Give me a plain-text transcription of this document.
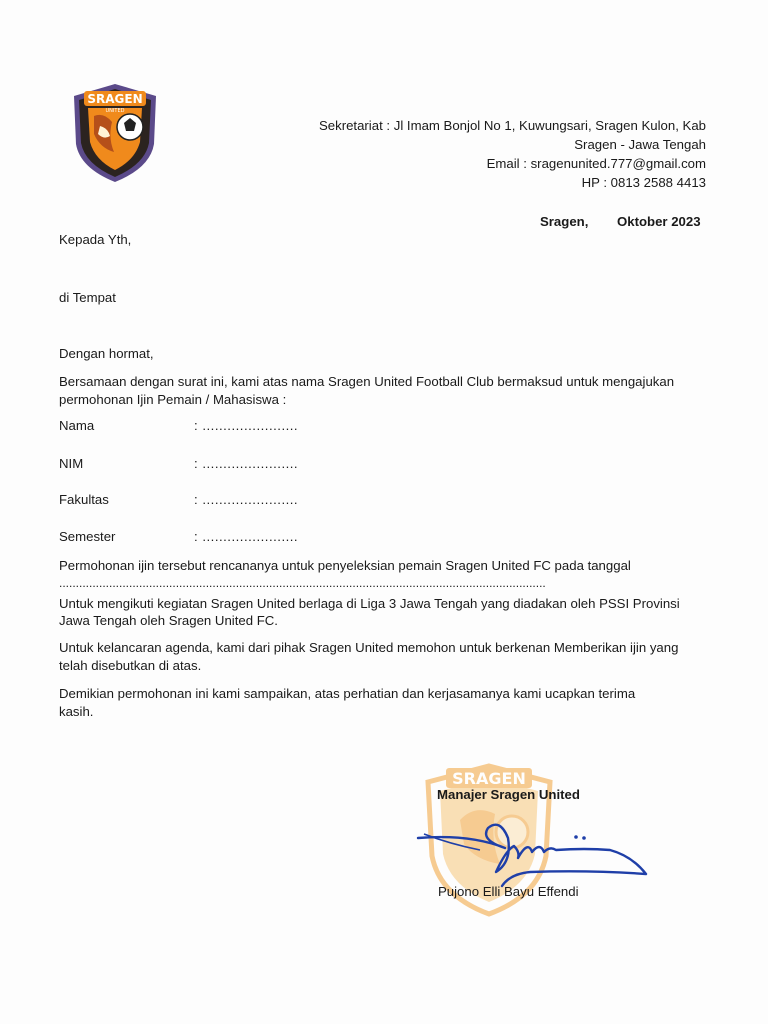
SRAGEN
UNITED
Sekretariat : Jl Imam Bonjol No 1, Kuwungsari, Sragen Kulon, Kab
Sragen - Jawa Tengah
Email : sragenunited.777@gmail.com
HP : 0813 2588 4413
Sragen, Oktober 2023
Kepada Yth,
di Tempat
Dengan hormat,
Bersamaan dengan surat ini, kami atas nama Sragen United Football Club bermaksud untuk mengajukan
permohonan Ijin Pemain / Mahasiswa :
Nama	: .......................
NIM	: .......................
Fakultas	: .......................
Semester	: .......................
Permohonan ijin tersebut rencananya untuk penyeleksian pemain Sragen United FC pada tanggal
..................................................................................................................................................
Untuk mengikuti kegiatan Sragen United berlaga di Liga 3 Jawa Tengah yang diadakan oleh PSSI Provinsi
Jawa Tengah oleh Sragen United FC.
Untuk kelancaran agenda, kami dari pihak Sragen United memohon untuk berkenan Memberikan ijin yang
telah disebutkan di atas.
Demikian permohonan ini kami sampaikan, atas perhatian dan kerjasamanya kami ucapkan terima
kasih.
SRAGEN
Manajer Sragen United
Pujono Elli Bayu Effendi
